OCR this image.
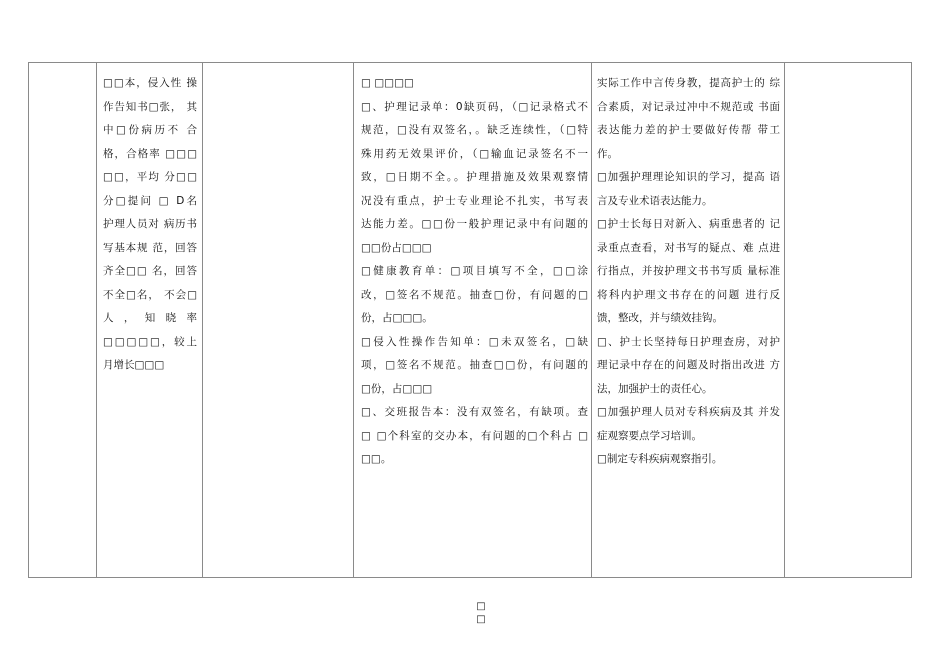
□□本，侵入性 操

作告知书□张， 其

中□份病历不 合

格，合格率 □□□

□□，平均 分□□

分□提问 □ D名

护理人员对 病历书

写基本规 范，回答

齐全□□ 名，回答

不全□名， 不会□

人 ， 知 晓 率

□□□□□，较上

月增长□□□

□ □□□□

□、护理记录单：0缺页码，（□记录格式不

规范，□没有双签名，。缺乏连续性，（□特

殊用药无效果评价，（□输血记录签名不一

致，□日期不全。。护理措施及效果观察情

况没有重点，护士专业理论不扎实，书写表

达能力差。□□份一般护理记录中有问题的

□□份占□□□

□健康教育单：□项目填写不全，□□涂

改，□签名不规范。抽查□份，有问题的□

份，占□□□。

□侵入性操作告知单：□未双签名，□缺

项，□签名不规范。抽查□□份，有问题的

□份，占□□□

□、交班报告本：没有双签名，有缺项。查

□ □个科室的交办本，有问题的□个科占 □

□□。

实际工作中言传身教，提高护士的 综

合素质，对记录过冲中不规范或 书面

表达能力差的护士要做好传帮 带工

作。

□加强护理理论知识的学习，提高 语

言及专业术语表达能力。

□护士长每日对新入、病重患者的 记

录重点查看，对书写的疑点、难 点进

行指点，并按护理文书书写质 量标准

将科内护理文书存在的问题 进行反

馈，整改，并与绩效挂钩。

□、护士长坚持每日护理查房，对护

理记录中存在的问题及时指出改进 方

法，加强护士的责任心。

□加强护理人员对专科疾病及其 并发

症观察要点学习培训。

□制定专科疾病观察指引。

□
□
